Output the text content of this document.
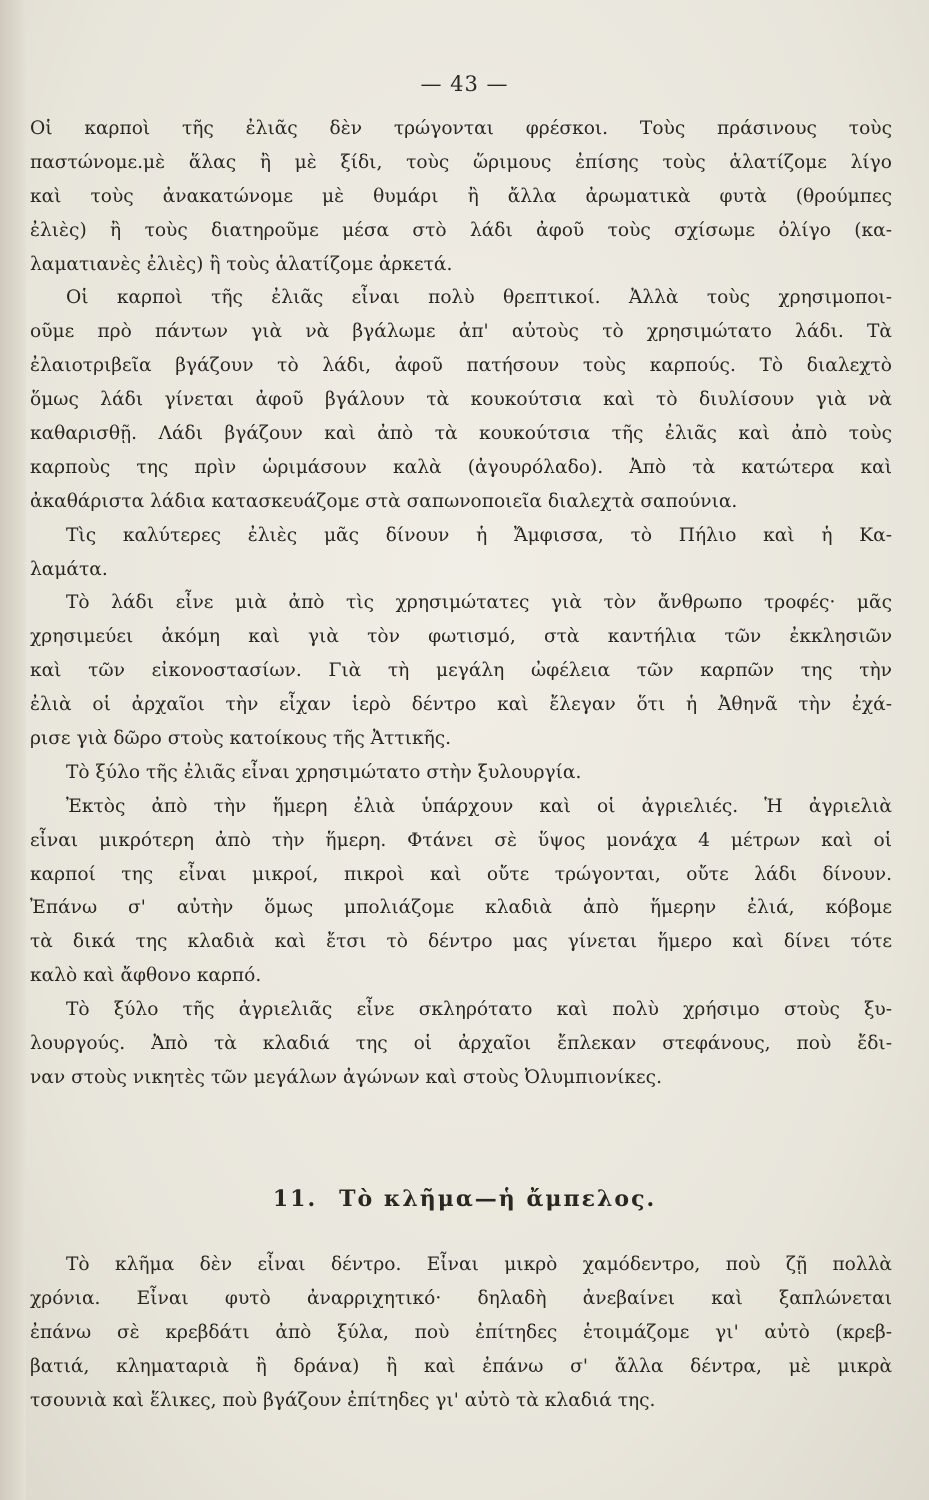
— 43 —
Οἱ καρποὶ τῆς ἐλιᾶς δὲν τρώγονται φρέσκοι. Τοὺς πράσινους τοὺς
παστώνομε.μὲ ἅλας ἢ μὲ ξίδι, τοὺς ὥριμους ἐπίσης τοὺς ἁλατίζομε λίγο
καὶ τοὺς ἀνακατώνομε μὲ θυμάρι ἢ ἄλλα ἀρωματικὰ φυτὰ (θρούμπες
ἐλιὲς) ἢ τοὺς διατηροῦμε μέσα στὸ λάδι ἀφοῦ τοὺς σχίσωμε ὀλίγο (κα-
λαματιανὲς ἐλιὲς) ἢ τοὺς ἁλατίζομε ἀρκετά.
Οἱ καρποὶ τῆς ἐλιᾶς εἶναι πολὺ θρεπτικοί. Ἀλλὰ τοὺς χρησιμοποι-
οῦμε πρὸ πάντων γιὰ νὰ βγάλωμε ἀπ' αὐτοὺς τὸ χρησιμώτατο λάδι. Τὰ
ἐλαιοτριβεῖα βγάζουν τὸ λάδι, ἀφοῦ πατήσουν τοὺς καρπούς. Τὸ διαλεχτὸ
ὅμως λάδι γίνεται ἀφοῦ βγάλουν τὰ κουκούτσια καὶ τὸ διυλίσουν γιὰ νὰ
καθαρισθῇ. Λάδι βγάζουν καὶ ἀπὸ τὰ κουκούτσια τῆς ἐλιᾶς καὶ ἀπὸ τοὺς
καρποὺς της πρὶν ὡριμάσουν καλὰ (ἀγουρόλαδο). Ἀπὸ τὰ κατώτερα καὶ
ἀκαθάριστα λάδια κατασκευάζομε στὰ σαπωνοποιεῖα διαλεχτὰ σαπούνια.
Τὶς καλύτερες ἐλιὲς μᾶς δίνουν ἡ Ἄμφισσα, τὸ Πήλιο καὶ ἡ Κα-
λαμάτα.
Τὸ λάδι εἶνε μιὰ ἀπὸ τὶς χρησιμώτατες γιὰ τὸν ἄνθρωπο τροφές· μᾶς
χρησιμεύει ἀκόμη καὶ γιὰ τὸν φωτισμό, στὰ καντήλια τῶν ἐκκλησιῶν
καὶ τῶν εἰκονοστασίων. Γιὰ τὴ μεγάλη ὠφέλεια τῶν καρπῶν της τὴν
ἐλιὰ οἱ ἀρχαῖοι τὴν εἶχαν ἱερὸ δέντρο καὶ ἔλεγαν ὅτι ἡ Ἀθηνᾶ τὴν ἐχά-
ρισε γιὰ δῶρο στοὺς κατοίκους τῆς Ἀττικῆς.
Τὸ ξύλο τῆς ἐλιᾶς εἶναι χρησιμώτατο στὴν ξυλουργία.
Ἐκτὸς ἀπὸ τὴν ἥμερη ἐλιὰ ὑπάρχουν καὶ οἱ ἀγριελιές. Ἡ ἀγριελιὰ
εἶναι μικρότερη ἀπὸ τὴν ἥμερη. Φτάνει σὲ ὕψος μονάχα 4 μέτρων καὶ οἱ
καρποί της εἶναι μικροί, πικροὶ καὶ οὔτε τρώγονται, οὔτε λάδι δίνουν.
Ἐπάνω σ' αὐτὴν ὅμως μπολιάζομε κλαδιὰ ἀπὸ ἥμερην ἐλιά, κόβομε
τὰ δικά της κλαδιὰ καὶ ἔτσι τὸ δέντρο μας γίνεται ἥμερο καὶ δίνει τότε
καλὸ καὶ ἄφθονο καρπό.
Τὸ ξύλο τῆς ἀγριελιᾶς εἶνε σκληρότατο καὶ πολὺ χρήσιμο στοὺς ξυ-
λουργούς. Ἀπὸ τὰ κλαδιά της οἱ ἀρχαῖοι ἔπλεκαν στεφάνους, ποὺ ἔδι-
ναν στοὺς νικητὲς τῶν μεγάλων ἀγώνων καὶ στοὺς Ὀλυμπιονίκες.
11. Τὸ κλῆμα—ἡ ἄμπελος.
Τὸ κλῆμα δὲν εἶναι δέντρο. Εἶναι μικρὸ χαμόδεντρο, ποὺ ζῇ πολλὰ
χρόνια. Εἶναι φυτὸ ἀναρριχητικό· δηλαδὴ ἀνεβαίνει καὶ ξαπλώνεται
ἐπάνω σὲ κρεβδάτι ἀπὸ ξύλα, ποὺ ἐπίτηδες ἑτοιμάζομε γι' αὐτὸ (κρεβ-
βατιά, κληματαριὰ ἢ δράνα) ἢ καὶ ἐπάνω σ' ἄλλα δέντρα, μὲ μικρὰ
τσουνιὰ καὶ ἕλικες, ποὺ βγάζουν ἐπίτηδες γι' αὐτὸ τὰ κλαδιά της.
